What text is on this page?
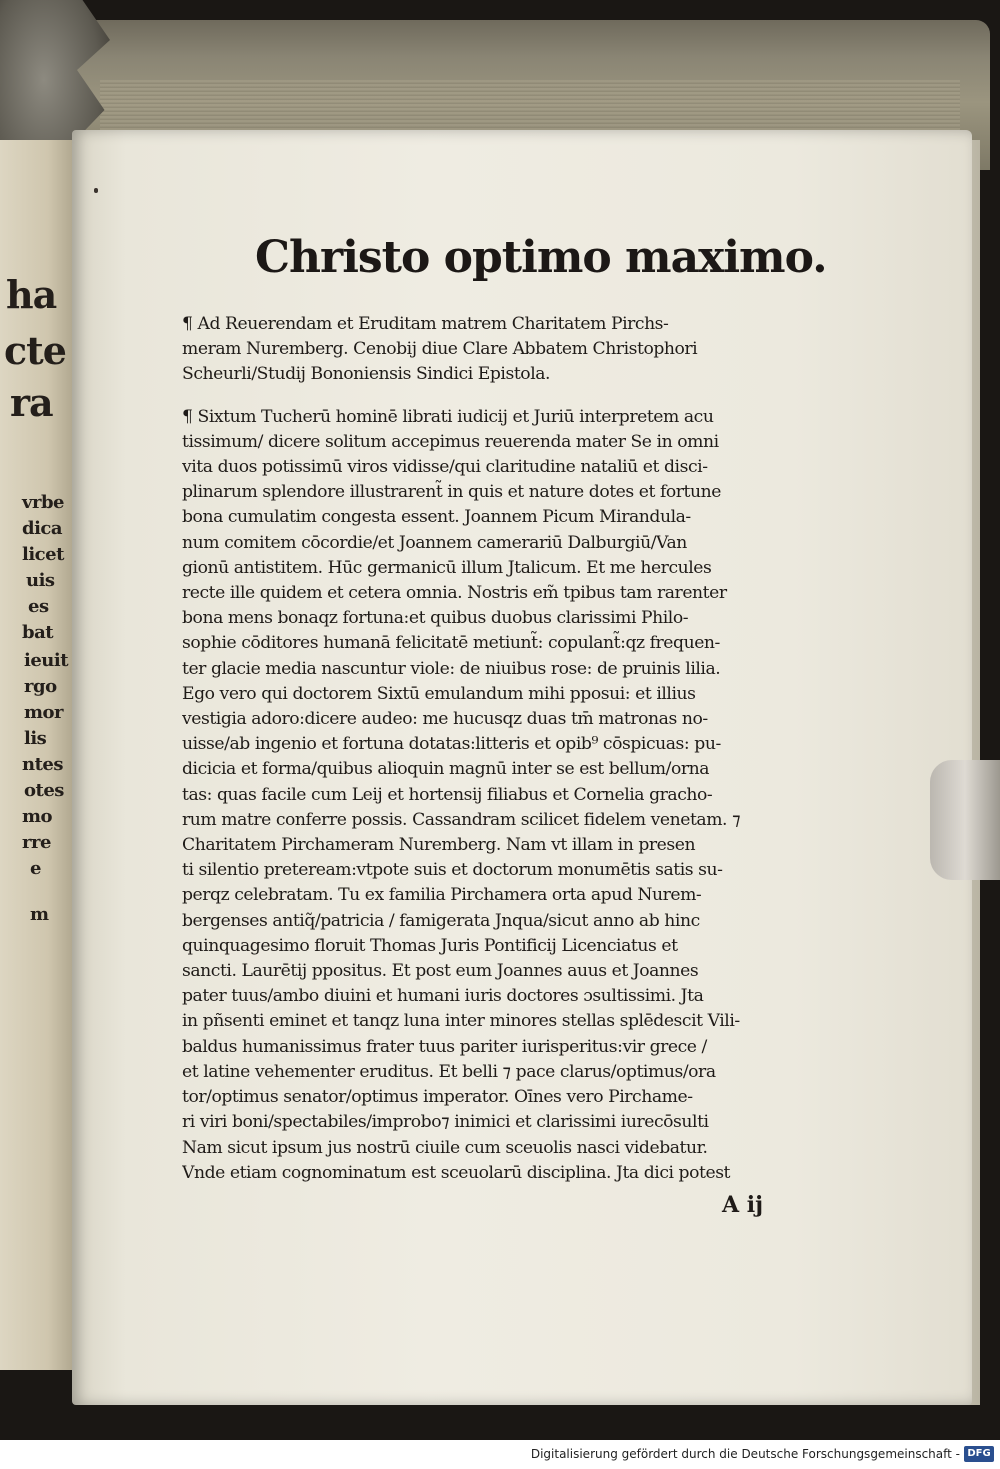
ha
cte
ra
vrbe
dica
licet
uis
es
bat
ieuit
rgo
mor
lis
ntes
otes
mo
rre
e
m
Christo optimo maximo.
¶ Ad Reuerendam et Eruditam matrem Charitatem Pirchs-
meram Nuremberg. Cenobij diue Clare Abbatem Christophori
Scheurli/Studij Bononiensis Sindici Epistola.
¶ Sixtum Tucherū hominē librati iudicij et Juriū interpretem acu
tissimum/ dicere solitum accepimus reuerenda mater Se in omni
vita duos potissimū viros vidisse/qui claritudine nataliū et disci-
plinarum splendore illustrarent̃ in quis et nature dotes et fortune
bona cumulatim congesta essent. Joannem Picum Mirandula-
num comitem cōcordie/et Joannem camerariū Dalburgiū/Van
gionū antistitem. Hūc germanicū illum Jtalicum. Et me hercules
recte ille quidem et cetera omnia. Nostris em̃ tpibus tam rarenter
bona mens bonaqz fortuna:et quibus duobus clarissimi Philo-
sophie cōditores humanā felicitatē metiunt̃: copulant̃:qz frequen-
ter glacie media nascuntur viole: de niuibus rose: de pruinis lilia.
Ego vero qui doctorem Sixtū emulandum mihi pposui: et illius
vestigia adoro:dicere audeo: me hucusqz duas tm̄ matronas no-
uisse/ab ingenio et fortuna dotatas:litteris et opib⁹ cōspicuas: pu-
dicicia et forma/quibus alioquin magnū inter se est bellum/orna
tas: quas facile cum Leij et hortensij filiabus et Cornelia gracho-
rum matre conferre possis. Cassandram scilicet fidelem venetam. ⁊
Charitatem Pirchameram Nuremberg. Nam vt illam in presen
ti silentio preteream:vtpote suis et doctorum monumētis satis su-
perqz celebratam. Tu ex familia Pirchamera orta apud Nurem-
bergenses antiq̃/patricia / famigerata Jnqua/sicut anno ab hinc
quinquagesimo floruit Thomas Juris Pontificij Licenciatus et
sancti. Laurētij ppositus. Et post eum Joannes auus et Joannes
pater tuus/ambo diuini et humani iuris doctores ɔsultissimi. Jta
in pñsenti eminet et tanqz luna inter minores stellas splēdescit Vili-
baldus humanissimus frater tuus pariter iurisperitus:vir grece /
et latine vehementer eruditus. Et belli ⁊ pace clarus/optimus/ora
tor/optimus senator/optimus imperator. Oīnes vero Pirchame-
ri viri boni/spectabiles/improbo⁊ inimici et clarissimi iurecōsulti
Nam sicut ipsum jus nostrū ciuile cum sceuolis nasci videbatur.
Vnde etiam cognominatum est sceuolarū disciplina. Jta dici potest
A ij
Digitalisierung gefördert durch die Deutsche Forschungsgemeinschaft - DFG
